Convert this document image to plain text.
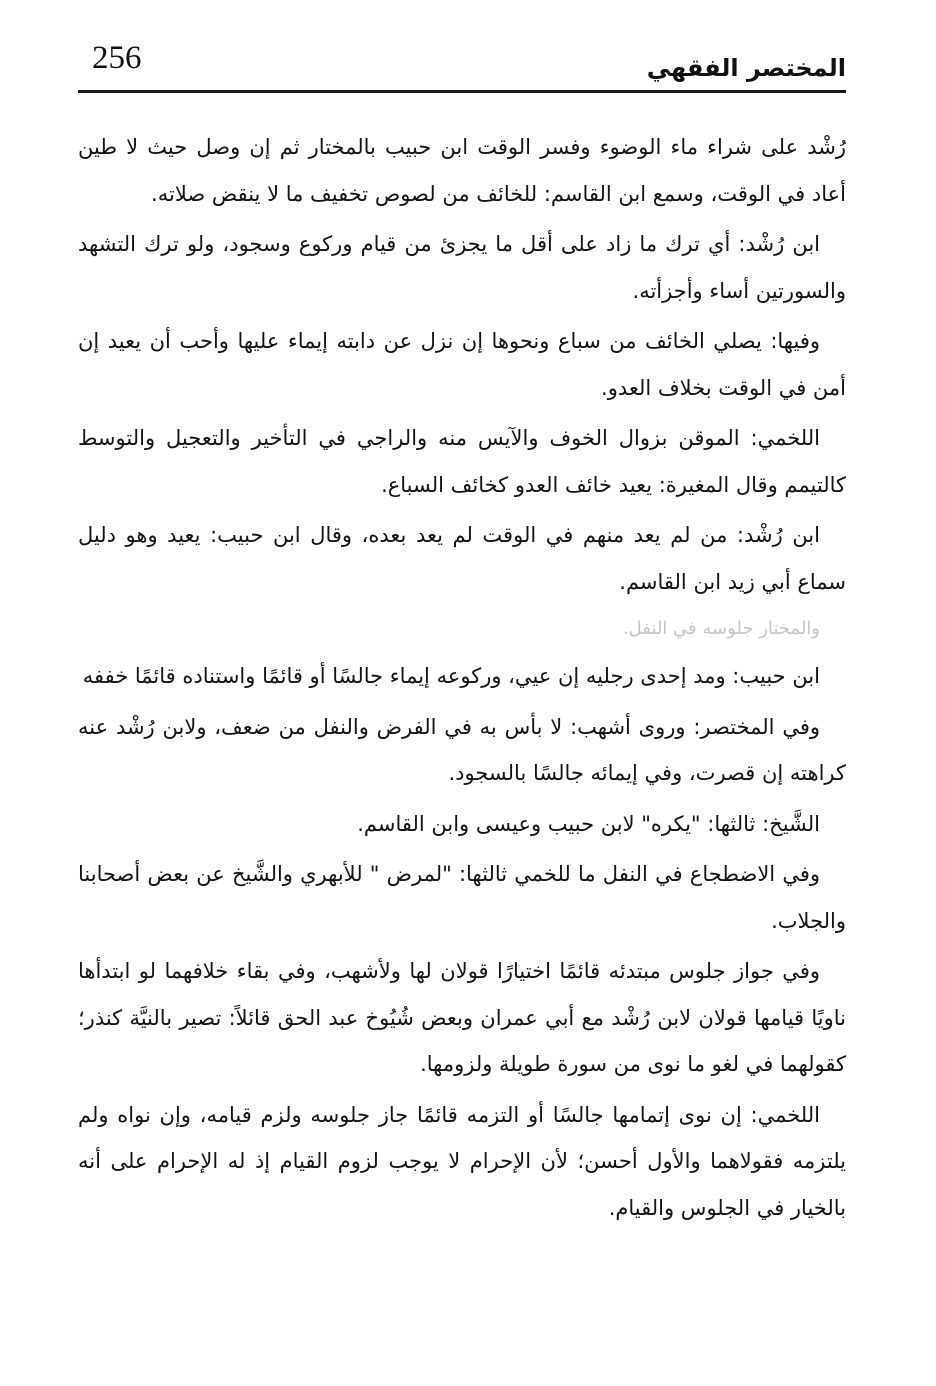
256	المختصر الفقهي

رُشْد على شراء ماء الوضوء وفسر الوقت ابن حبيب بالمختار ثم إن وصل حيث لا طين أعاد في الوقت، وسمع ابن القاسم: للخائف من لصوص تخفيف ما لا ينقض صلاته.

ابن رُشْد: أي ترك ما زاد على أقل ما يجزئ من قيام وركوع وسجود، ولو ترك التشهد والسورتين أساء وأجزأته.

وفيها: يصلي الخائف من سباع ونحوها إن نزل عن دابته إيماء عليها وأحب أن يعيد إن أمن في الوقت بخلاف العدو.

اللخمي: الموقن بزوال الخوف والآيس منه والراجي في التأخير والتعجيل والتوسط كالتيمم وقال المغيرة: يعيد خائف العدو كخائف السباع.

ابن رُشْد: من لم يعد منهم في الوقت لم يعد بعده، وقال ابن حبيب: يعيد وهو دليل سماع أبي زيد ابن القاسم.

والمختار جلوسه في النفل.

ابن حبيب: ومد إحدى رجليه إن عيي، وركوعه إيماء جالسًا أو قائمًا واستناده قائمًا خففه

وفي المختصر: وروى أشهب: لا بأس به في الفرض والنفل من ضعف، ولابن رُشْد عنه كراهته إن قصرت، وفي إيمائه جالسًا بالسجود.

الشَّيخ: ثالثها: "يكره" لابن حبيب وعيسى وابن القاسم.

وفي الاضطجاع في النفل ما للخمي ثالثها: "لمرض " للأبهري والشَّيخ عن بعض أصحابنا والجلاب.

وفي جواز جلوس مبتدئه قائمًا اختيارًا قولان لها ولأشهب، وفي بقاء خلافهما لو ابتدأها ناويًا قيامها قولان لابن رُشْد مع أبي عمران وبعض شُيُوخ عبد الحق قائلاً: تصير بالنيَّة كنذر؛ كقولهما في لغو ما نوى من سورة طويلة ولزومها.

اللخمي: إن نوى إتمامها جالسًا أو التزمه قائمًا جاز جلوسه ولزم قيامه، وإن نواه ولم يلتزمه فقولاهما والأول أحسن؛ لأن الإحرام لا يوجب لزوم القيام إذ له الإحرام على أنه بالخيار في الجلوس والقيام.
